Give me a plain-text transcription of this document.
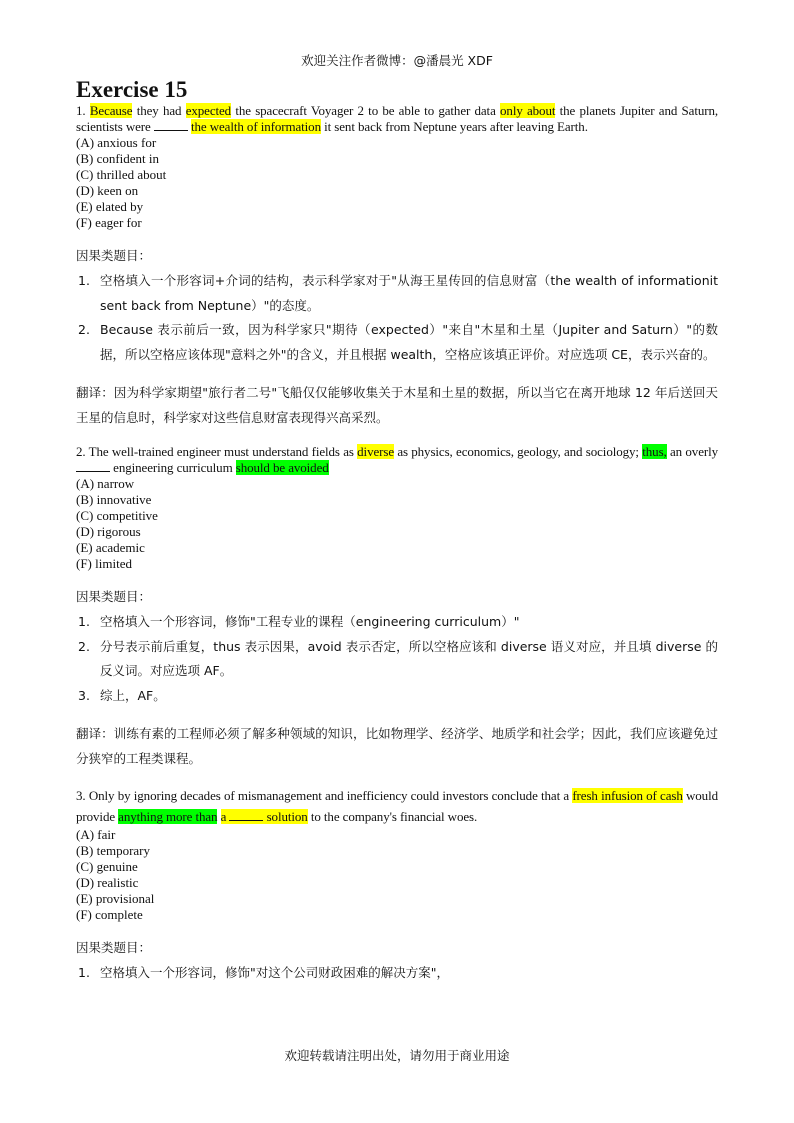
欢迎关注作者微博：@潘晨光 XDF
Exercise 15
1. Because they had expected the spacecraft Voyager 2 to be able to gather data only about the planets Jupiter and Saturn, scientists were	the wealth of information it sent back from Neptune years after leaving Earth.
(A) anxious for
(B) confident in
(C) thrilled about
(D) keen on
(E) elated by
(F) eager for
因果类题目：
1. 空格填入一个形容词+介词的结构，表示科学家对于"从海王星传回的信息财富（the wealth of informationit sent back from Neptune）"的态度。
2. Because 表示前后一致，因为科学家只"期待（expected）"来自"木星和土星（Jupiter and Saturn）"的数据，所以空格应该体现"意料之外"的含义，并且根据 wealth，空格应该填正评价。对应选项 CE，表示兴奋的。
翻译：因为科学家期望"旅行者二号"飞船仅仅能够收集关于木星和土星的数据，所以当它在离开地球 12 年后送回天王星的信息时，科学家对这些信息财富表现得兴高采烈。
2. The well-trained engineer must understand fields as diverse as physics, economics, geology, and sociology; thus, an overly  engineering curriculum should be avoided
(A) narrow
(B) innovative
(C) competitive
(D) rigorous
(E) academic
(F) limited
因果类题目：
1. 空格填入一个形容词，修饰"工程专业的课程（engineering curriculum）"
2. 分号表示前后重复，thus 表示因果，avoid 表示否定，所以空格应该和 diverse 语义对应，并且填 diverse 的反义词。对应选项 AF。
3. 综上，AF。
翻译：训练有素的工程师必须了解多种领域的知识，比如物理学、经济学、地质学和社会学；因此，我们应该避免过分狭窄的工程类课程。
3. Only by ignoring decades of mismanagement and inefficiency could investors conclude that a fresh infusion of cash would provide anything more than a	solution to the company's financial woes.
(A) fair
(B) temporary
(C) genuine
(D) realistic
(E) provisional
(F) complete
因果类题目：
1. 空格填入一个形容词，修饰"对这个公司财政困难的解决方案"，
欢迎转载请注明出处，请勿用于商业用途
